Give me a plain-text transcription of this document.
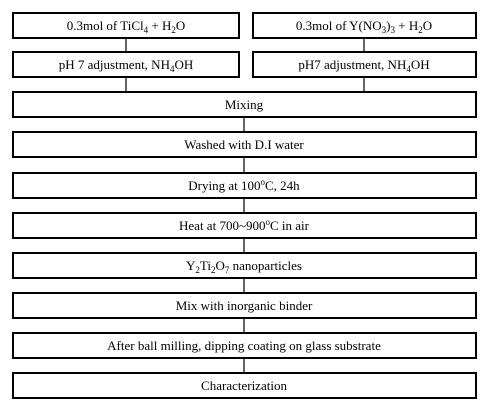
0.3mol of TiCl$_4$ + $H_2O$	0.3mol of $Y(NO_3)_3 + H_2O$
pH 7 adjustment, $NH_4OH$	pH7 adjustment, $NH_4OH$
Mixing
Washed with D.I water
Drying at 100$^o$C, 24h
Heat at 700~900$^o$C in air
$Y_2Ti_2O_7$ nanoparticles
Mix with inorganic binder
After ball milling, dipping coating on glass substrate
Characterization
